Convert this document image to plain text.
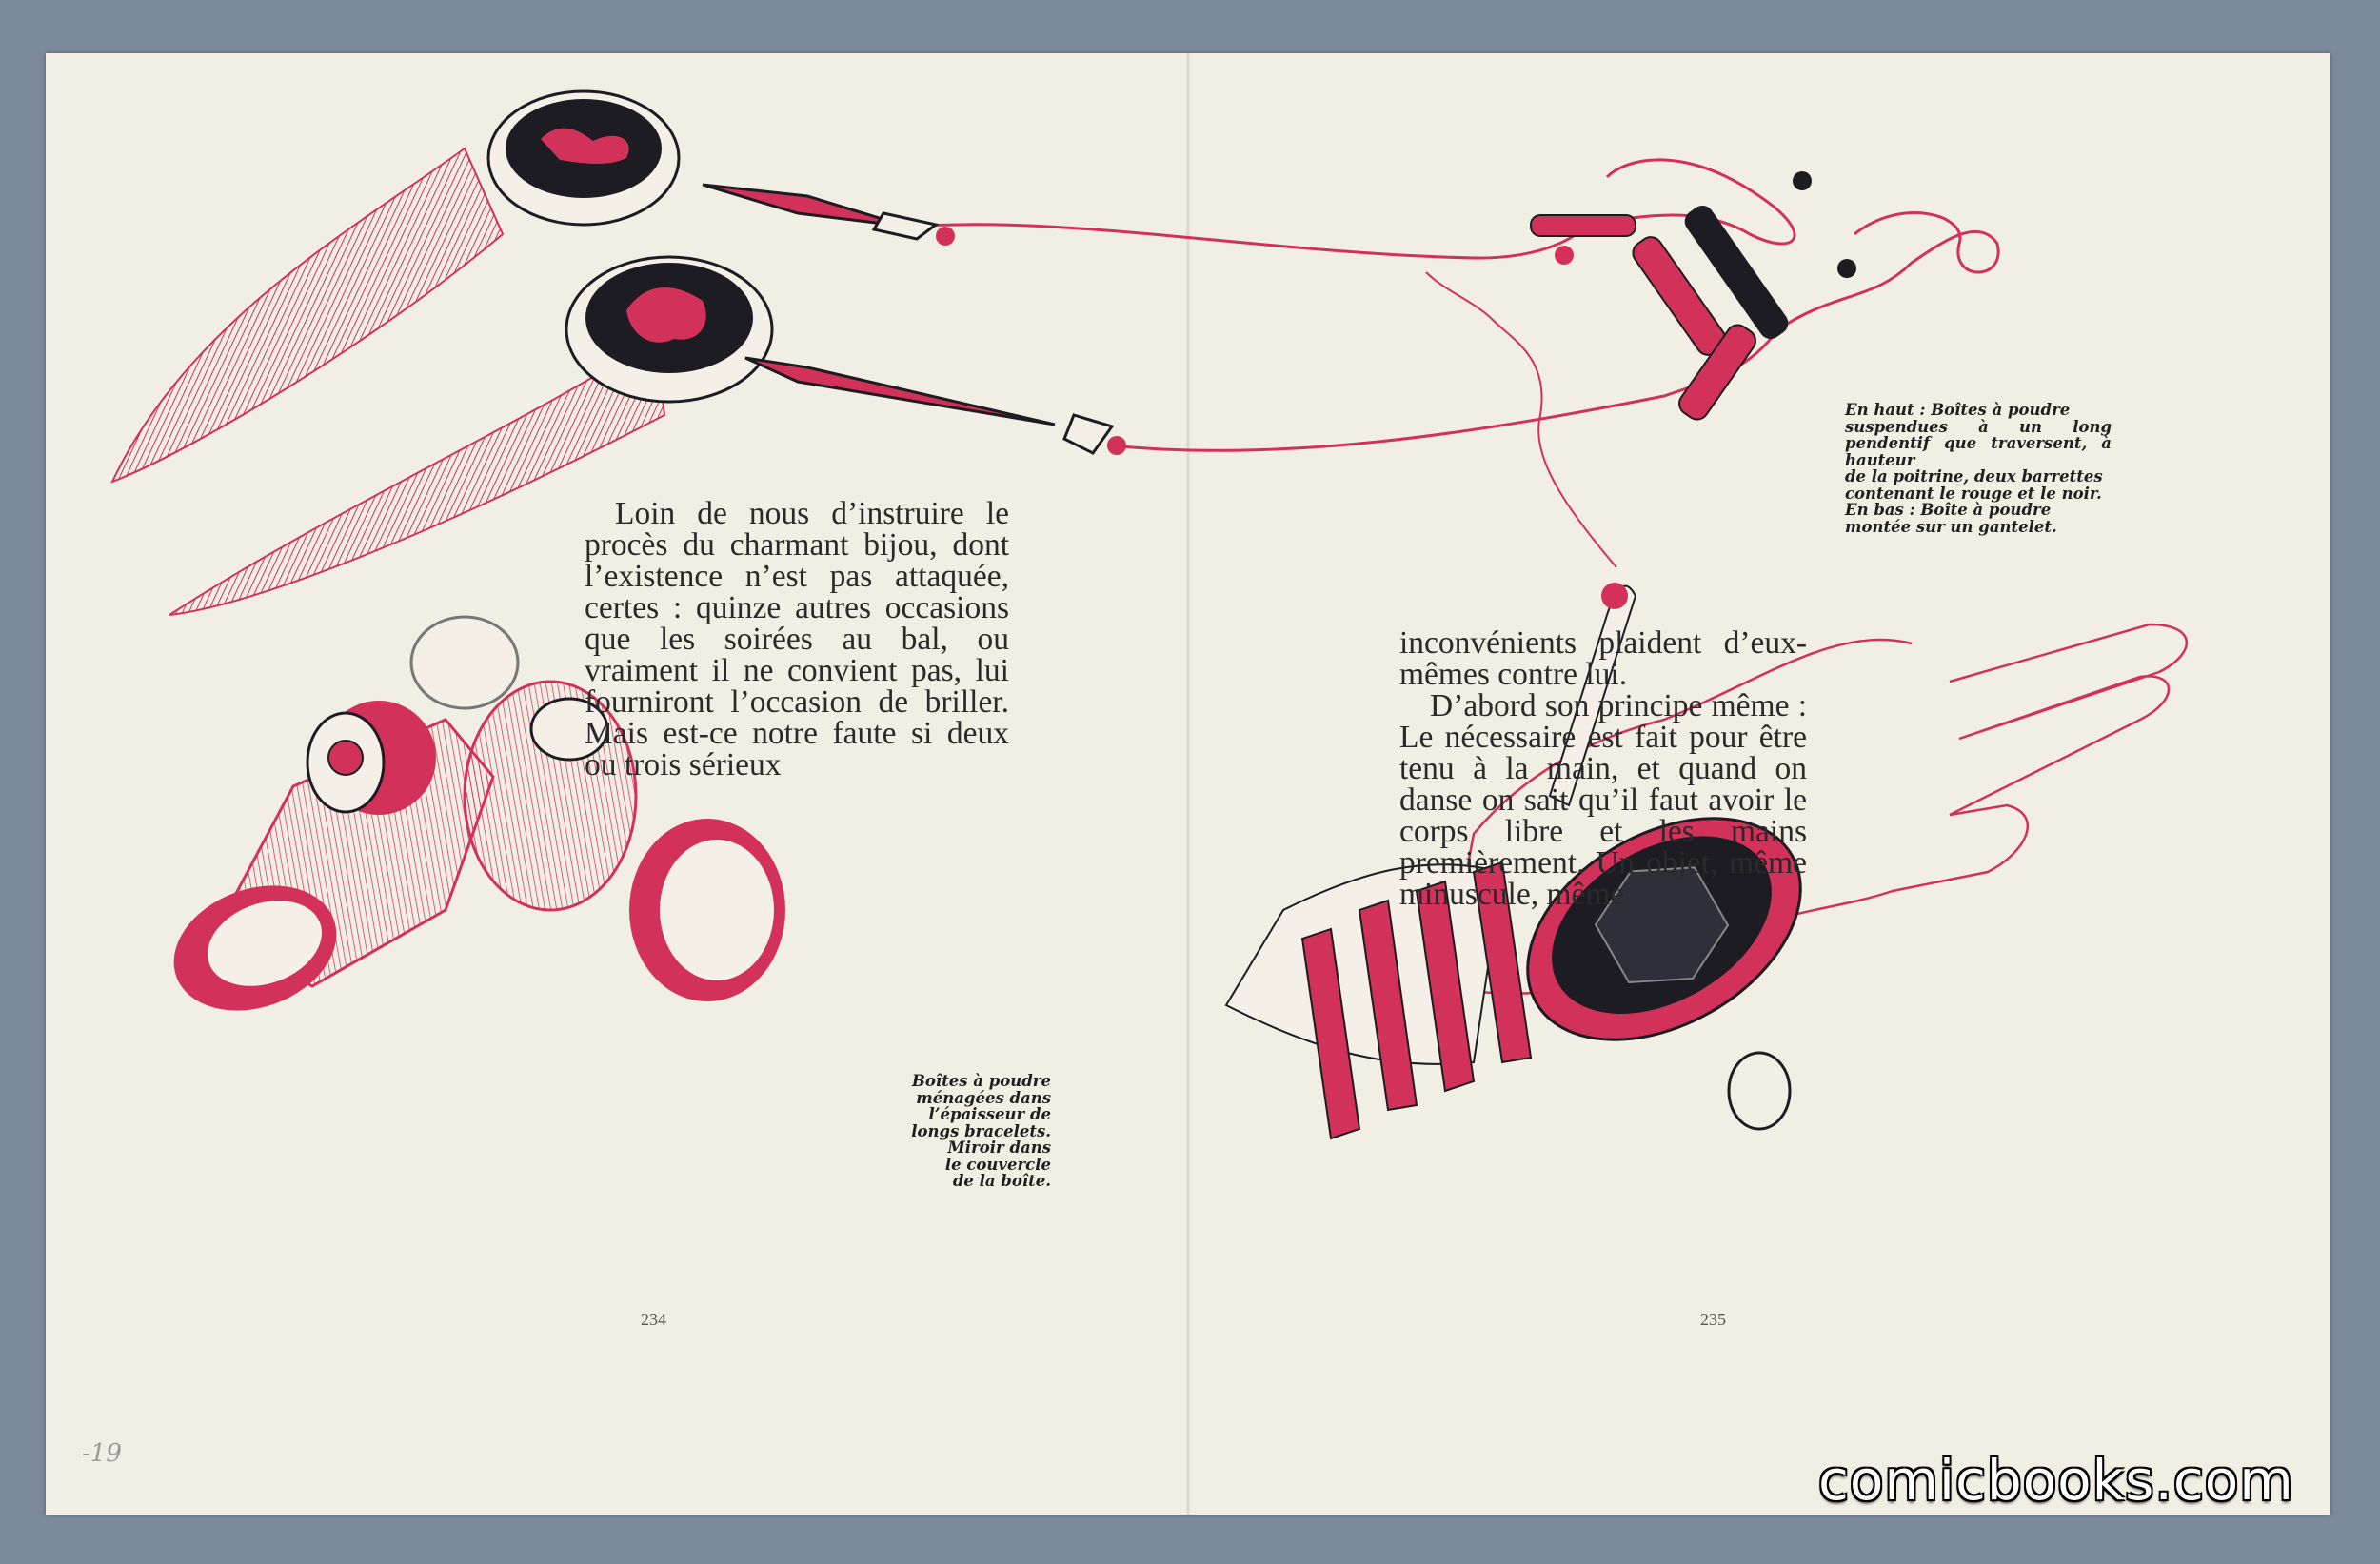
-19

Loin de nous d’instruire le procès du charmant bijou, dont l’existence n’est pas attaquée, certes : quinze autres occasions que les soirées au bal, ou vraiment il ne convient pas, lui fourniront l’occasion de briller. Mais est-ce notre faute si deux ou trois sérieux

inconvénients plaident d’eux-mêmes contre lui.

D’abord son principe même : Le nécessaire est fait pour être tenu à la main, et quand on danse on sait qu’il faut avoir le corps libre et les mains premièrement. Un objet, même minuscule, même

En haut : Boîtes à poudre
suspendues à un long pendentif que traversent, à hauteur
de la poitrine, deux barrettes
contenant le rouge et le noir.
En bas : Boîte à poudre
montée sur un gantelet.
Boîtes à poudre
ménagées dans
l’épaisseur de
longs bracelets.
Miroir dans
le couvercle
de la boîte.
234	235
comicbooks.com
